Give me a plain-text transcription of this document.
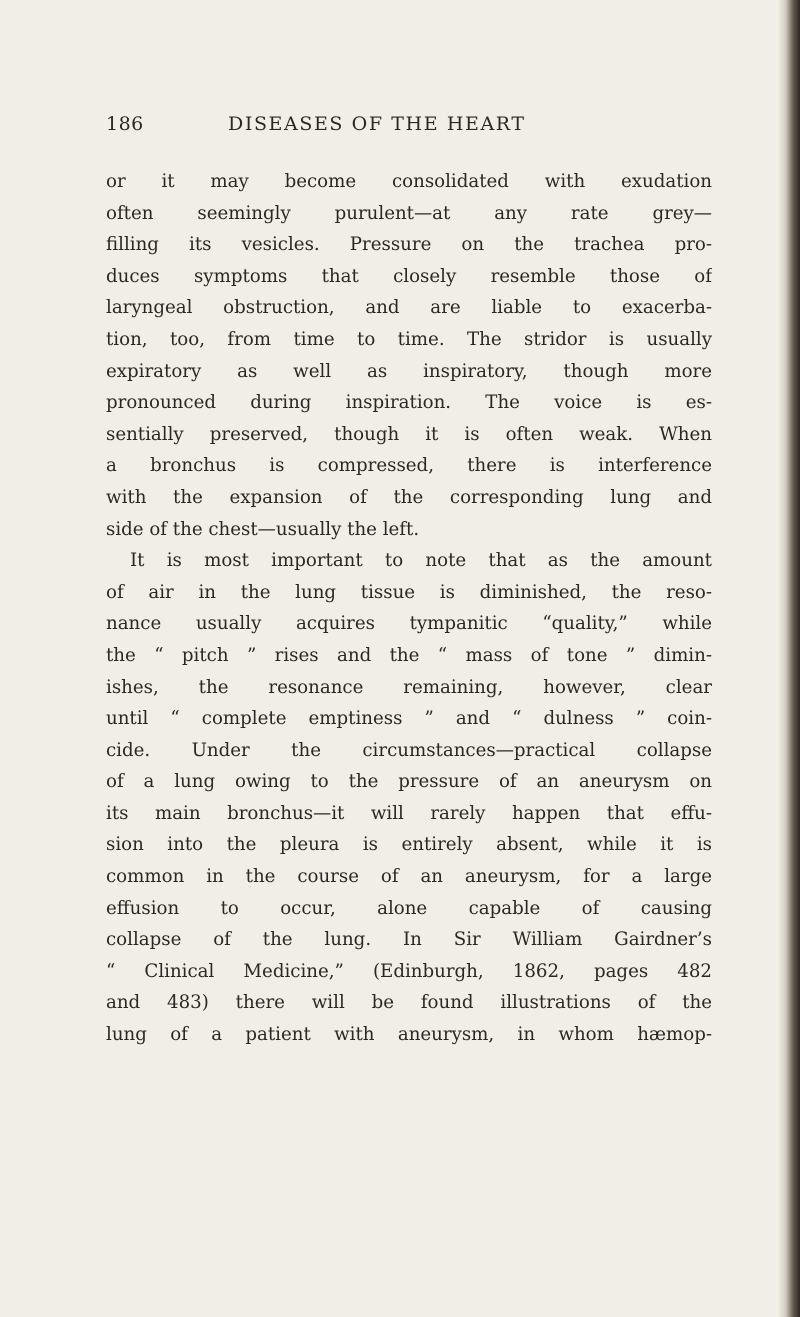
186	DISEASES OF THE HEART
or it may become consolidated with exudation
often seemingly purulent—at any rate grey—
filling its vesicles. Pressure on the trachea pro-
duces symptoms that closely resemble those of
laryngeal obstruction, and are liable to exacerba-
tion, too, from time to time. The stridor is usually
expiratory as well as inspiratory, though more
pronounced during inspiration. The voice is es-
sentially preserved, though it is often weak. When
a bronchus is compressed, there is interference
with the expansion of the corresponding lung and
side of the chest—usually the left.
It is most important to note that as the amount
of air in the lung tissue is diminished, the reso-
nance usually acquires tympanitic “quality,” while
the “ pitch ” rises and the “ mass of tone ” dimin-
ishes, the resonance remaining, however, clear
until “ complete emptiness ” and “ dulness ” coin-
cide. Under the circumstances—practical collapse
of a lung owing to the pressure of an aneurysm on
its main bronchus—it will rarely happen that effu-
sion into the pleura is entirely absent, while it is
common in the course of an aneurysm, for a large
effusion to occur, alone capable of causing
collapse of the lung. In Sir William Gairdner’s
“ Clinical Medicine,” (Edinburgh, 1862, pages 482
and 483) there will be found illustrations of the
lung of a patient with aneurysm, in whom hæmop-
